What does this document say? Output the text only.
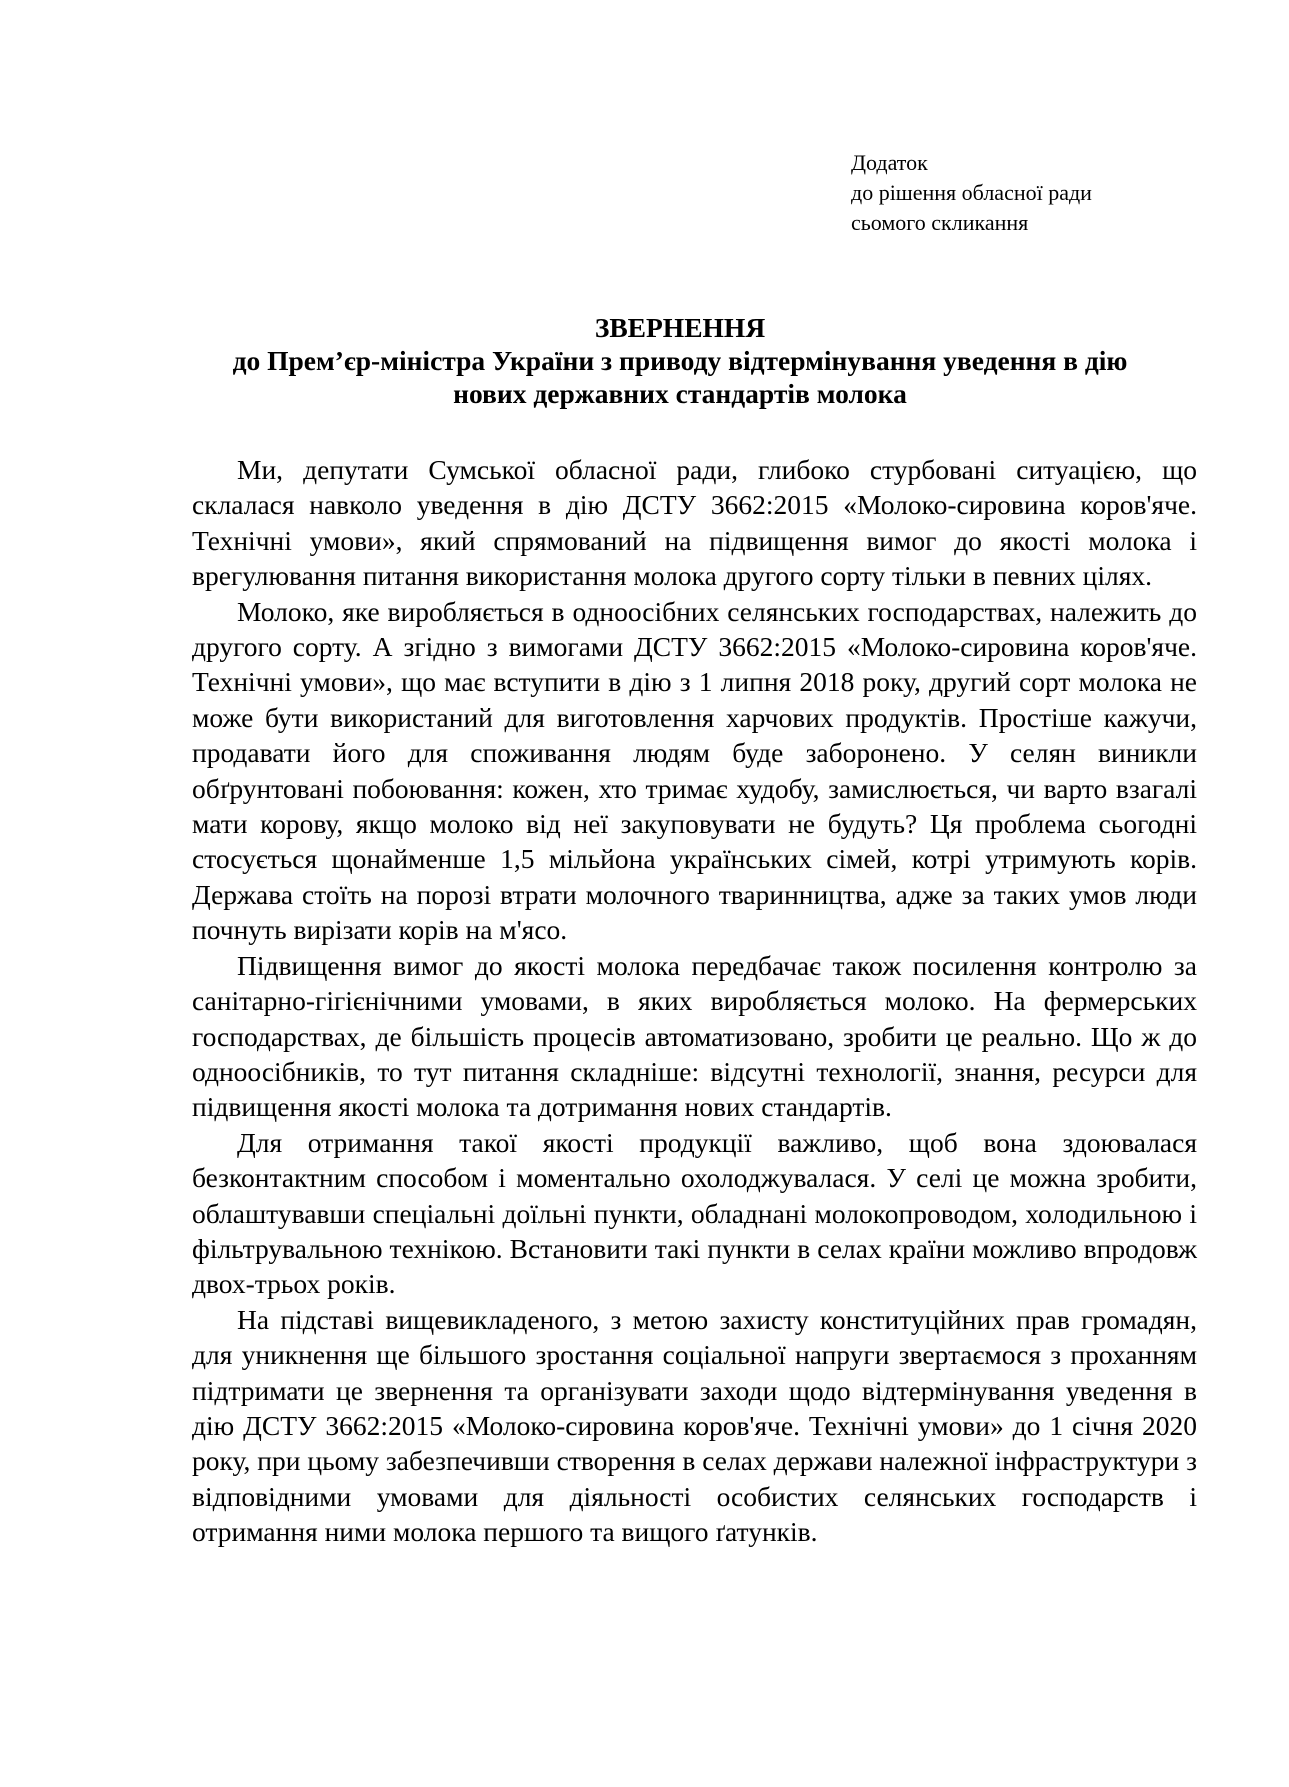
Додаток
до рішення обласної ради
сьомого скликання
ЗВЕРНЕННЯ
до Прем’єр-міністра України з приводу відтермінування уведення в дію
нових державних стандартів молока

Ми, депутати Сумської обласної ради, глибоко стурбовані ситуацією, що склалася навколо уведення в дію ДСТУ 3662:2015 «Молоко-сировина коров'яче. Технічні умови», який спрямований на підвищення вимог до якості молока і врегулювання питання використання молока другого сорту тільки в певних цілях.

Молоко, яке виробляється в одноосібних селянських господарствах, належить до другого сорту. А згідно з вимогами ДСТУ 3662:2015 «Молоко-сировина коров'яче. Технічні умови», що має вступити в дію з 1 липня 2018 року, другий сорт молока не може бути використаний для виготовлення харчових продуктів. Простіше кажучи, продавати його для споживання людям буде заборонено. У селян виникли обґрунтовані побоювання: кожен, хто тримає худобу, замислюється, чи варто взагалі мати корову, якщо молоко від неї закуповувати не будуть? Ця проблема сьогодні стосується щонайменше 1,5 мільйона українських сімей, котрі утримують корів. Держава стоїть на порозі втрати молочного тваринництва, адже за таких умов люди почнуть вирізати корів на м'ясо.

Підвищення вимог до якості молока передбачає також посилення контролю за санітарно-гігієнічними умовами, в яких виробляється молоко. На фермерських господарствах, де більшість процесів автоматизовано, зробити це реально. Що ж до одноосібників, то тут питання складніше: відсутні технології, знання, ресурси для підвищення якості молока та дотримання нових стандартів.

Для отримання такої якості продукції важливо, щоб вона здоювалася безконтактним способом і моментально охолоджувалася. У селі це можна зробити, облаштувавши спеціальні доїльні пункти, обладнані молокопроводом, холодильною і фільтрувальною технікою. Встановити такі пункти в селах країни можливо впродовж двох-трьох років.

На підставі вищевикладеного, з метою захисту конституційних прав громадян, для уникнення ще більшого зростання соціальної напруги звертаємося з проханням підтримати це звернення та організувати заходи щодо відтермінування уведення в дію ДСТУ 3662:2015 «Молоко-сировина коров'яче. Технічні умови» до 1 січня 2020 року, при цьому забезпечивши створення в селах держави належної інфраструктури з відповідними умовами для діяльності особистих селянських господарств і отримання ними молока першого та вищого ґатунків.
